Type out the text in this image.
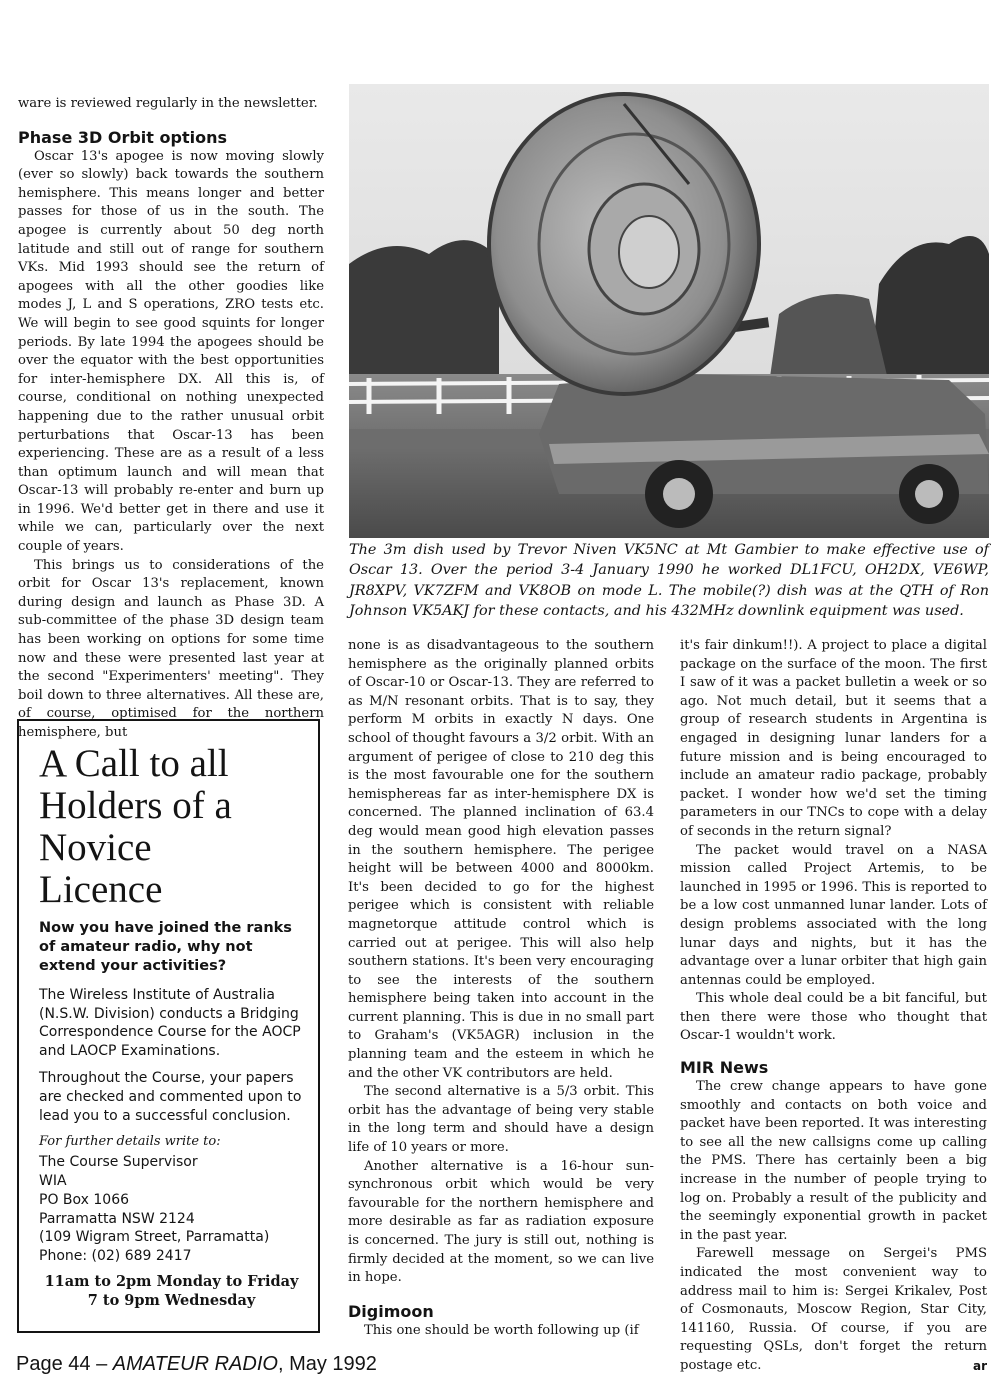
ware is reviewed regularly in the newsletter.

Phase 3D Orbit options

Oscar 13's apogee is now moving slowly (ever so slowly) back towards the southern hemisphere. This means longer and better passes for those of us in the south. The apogee is currently about 50 deg north latitude and still out of range for southern VKs. Mid 1993 should see the return of apogees with all the other goodies like modes J, L and S operations, ZRO tests etc. We will begin to see good squints for longer periods. By late 1994 the apogees should be over the equator with the best opportunities for inter-hemisphere DX. All this is, of course, conditional on nothing unexpected happening due to the rather unusual orbit perturbations that Oscar-13 has been experiencing. These are as a result of a less than optimum launch and will mean that Oscar-13 will probably re-enter and burn up in 1996. We'd better get in there and use it while we can, particularly over the next couple of years.

This brings us to considerations of the orbit for Oscar 13's replacement, known during design and launch as Phase 3D. A sub-committee of the phase 3D design team has been working on options for some time now and these were presented last year at the second "Experimenters' meeting". They boil down to three alternatives. All these are, of course, optimised for the northern hemisphere, but

The 3m dish used by Trevor Niven VK5NC at Mt Gambier to make effective use of Oscar 13. Over the period 3-4 January 1990 he worked DL1FCU, OH2DX, VE6WP, JR8XPV, VK7ZFM and VK8OB on mode L. The mobile(?) dish was at the QTH of Ron Johnson VK5AKJ for these contacts, and his 432MHz downlink equipment was used.

none is as disadvantageous to the southern hemisphere as the originally planned orbits of Oscar-10 or Oscar-13. They are referred to as M/N resonant orbits. That is to say, they perform M orbits in exactly N days. One school of thought favours a 3/2 orbit. With an argument of perigee of close to 210 deg this is the most favourable one for the southern hemisphereas far as inter-hemisphere DX is concerned. The planned inclination of 63.4 deg would mean good high elevation passes in the southern hemisphere. The perigee height will be between 4000 and 8000km. It's been decided to go for the highest perigee which is consistent with reliable magnetorque attitude control which is carried out at perigee. This will also help southern stations. It's been very encouraging to see the interests of the southern hemisphere being taken into account in the current planning. This is due in no small part to Graham's (VK5AGR) inclusion in the planning team and the esteem in which he and the other VK contributors are held.

The second alternative is a 5/3 orbit. This orbit has the advantage of being very stable in the long term and should have a design life of 10 years or more.

Another alternative is a 16-hour sun-synchronous orbit which would be very favourable for the northern hemisphere and more desirable as far as radiation exposure is concerned. The jury is still out, nothing is firmly decided at the moment, so we can live in hope.

Digimoon

This one should be worth following up (if

it's fair dinkum!!). A project to place a digital package on the surface of the moon. The first I saw of it was a packet bulletin a week or so ago. Not much detail, but it seems that a group of research students in Argentina is engaged in designing lunar landers for a future mission and is being encouraged to include an amateur radio package, probably packet. I wonder how we'd set the timing parameters in our TNCs to cope with a delay of seconds in the return signal?

The packet would travel on a NASA mission called Project Artemis, to be launched in 1995 or 1996. This is reported to be a low cost unmanned lunar lander. Lots of design problems associated with the long lunar days and nights, but it has the advantage over a lunar orbiter that high gain antennas could be employed.

This whole deal could be a bit fanciful, but then there were those who thought that Oscar-1 wouldn't work.

MIR News

The crew change appears to have gone smoothly and contacts on both voice and packet have been reported. It was interesting to see all the new callsigns come up calling the PMS. There has certainly been a big increase in the number of people trying to log on. Probably a result of the publicity and the seemingly exponential growth in packet in the past year.

Farewell message on Sergei's PMS indicated the most convenient way to address mail to him is: Sergei Krikalev, Post of Cosmonauts, Moscow Region, Star City, 141160, Russia. Of course, if you are requesting QSLs, don't forget the return postage etc.	ar

A Call to all
Holders of a
Novice
Licence
Now you have joined the ranks of amateur radio, why not extend your activities?
The Wireless Institute of Australia (N.S.W. Division) conducts a Bridging Correspondence Course for the AOCP and LAOCP Examinations.
Throughout the Course, your papers are checked and commented upon to lead you to a successful conclusion.
For further details write to:
The Course Supervisor
WIA
PO Box 1066
Parramatta NSW 2124
(109 Wigram Street, Parramatta)
Phone: (02) 689 2417
11am to 2pm Monday to Friday
7 to 9pm Wednesday
Page 44 – AMATEUR RADIO, May 1992
